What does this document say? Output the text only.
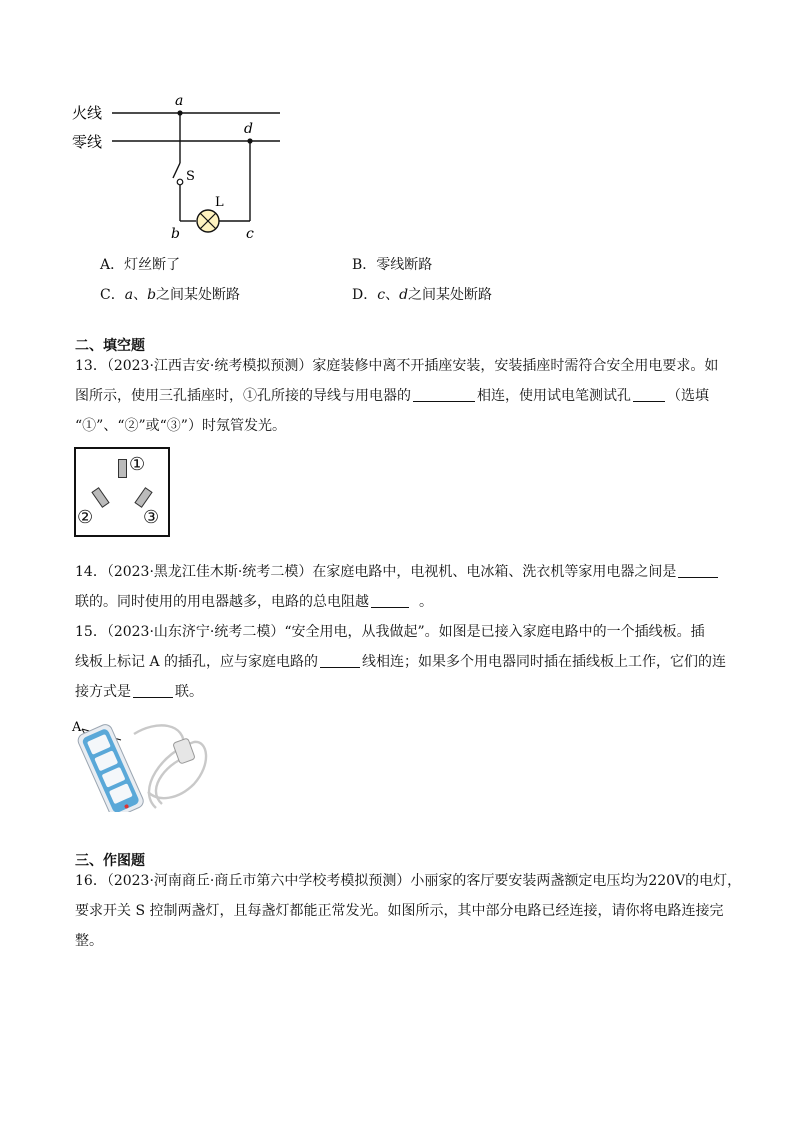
火线
零线
a
d
S
L
b	c
A．灯丝断了	B．零线断路
C．a、b之间某处断路	D．c、d之间某处断路
二、填空题
13．（2023·江西吉安·统考模拟预测）家庭装修中离不开插座安装，安装插座时需符合安全用电要求。如
图所示，使用三孔插座时，①孔所接的导线与用电器的	相连，使用试电笔测试孔	（选填
“①”、“②”或“③”）时氖管发光。
①
②	③
14．（2023·黑龙江佳木斯·统考二模）在家庭电路中，电视机、电冰箱、洗衣机等家用电器之间是
联的。同时使用的用电器越多，电路的总电阻越	。
15．（2023·山东济宁·统考二模）“安全用电，从我做起”。如图是已接入家庭电路中的一个插线板。插
线板上标记 A 的插孔，应与家庭电路的	线相连；如果多个用电器同时插在插线板上工作，它们的连
接方式是	联。
A
三、作图题
16．（2023·河南商丘·商丘市第六中学校考模拟预测）小丽家的客厅要安装两盏额定电压均为220V的电灯，
要求开关 S 控制两盏灯，且每盏灯都能正常发光。如图所示，其中部分电路已经连接，请你将电路连接完
整。
